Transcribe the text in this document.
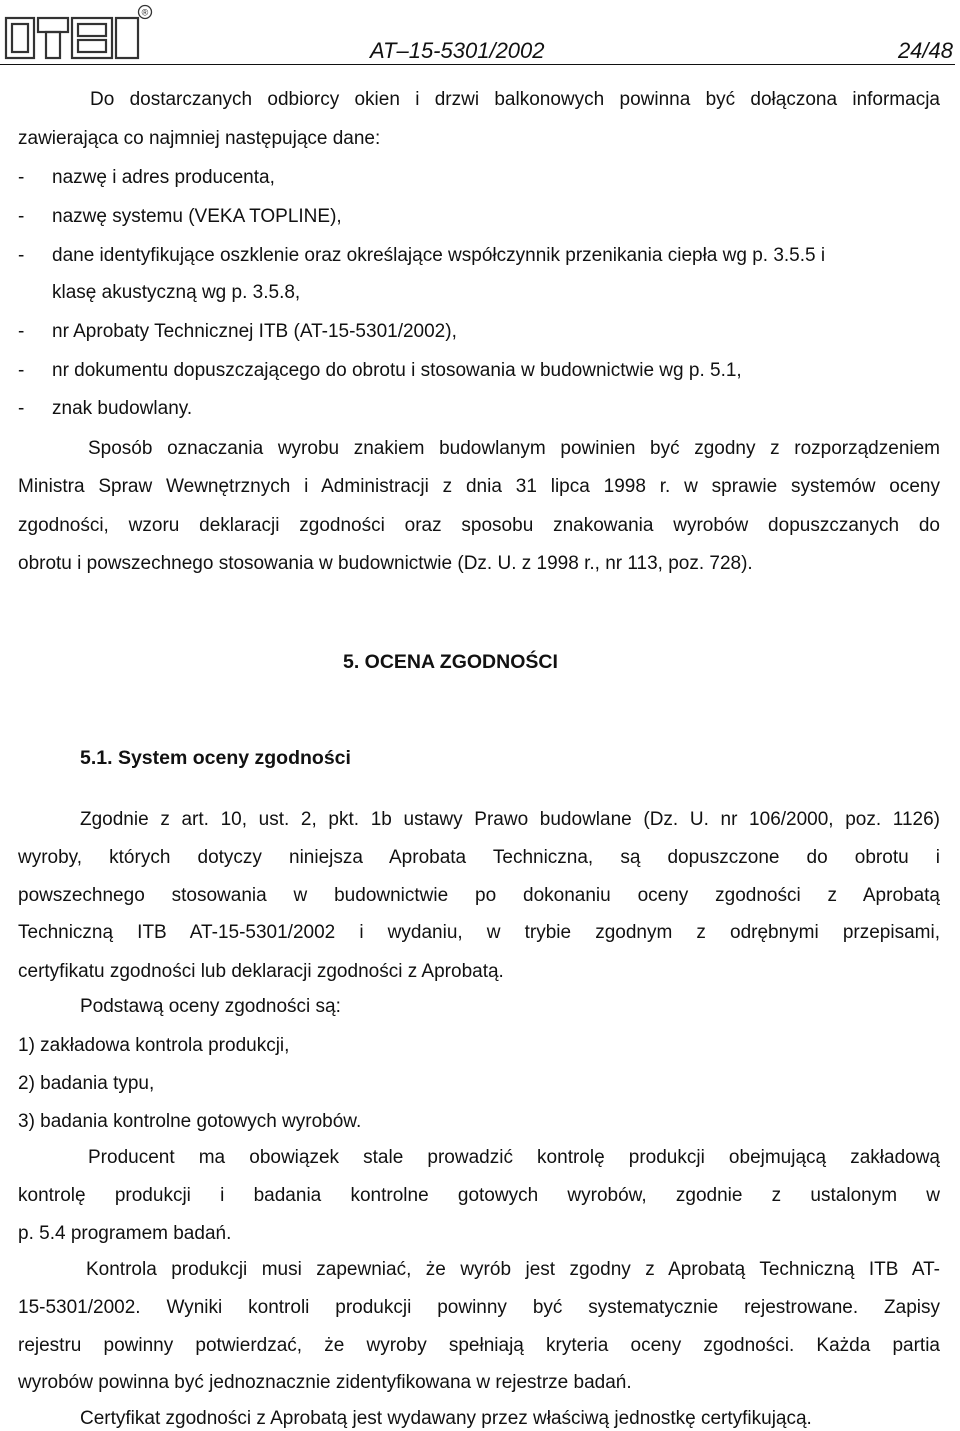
®
AT–15-5301/2002	24/48
Do dostarczanych odbiorcy okien i drzwi balkonowych powinna być dołączona informacja
zawierająca co najmniej następujące dane:
- nazwę i adres producenta,
- nazwę systemu (VEKA TOPLINE),
- dane identyfikujące oszklenie oraz określające współczynnik przenikania ciepła wg p. 3.5.5 i
klasę akustyczną wg p. 3.5.8,
- nr Aprobaty Technicznej ITB (AT-15-5301/2002),
- nr dokumentu dopuszczającego do obrotu i stosowania w budownictwie wg p. 5.1,
- znak budowlany.
Sposób oznaczania wyrobu znakiem budowlanym powinien być zgodny z rozporządzeniem
Ministra Spraw Wewnętrznych i Administracji z dnia 31 lipca 1998 r. w sprawie systemów oceny
zgodności, wzoru deklaracji zgodności oraz sposobu znakowania wyrobów dopuszczanych do
obrotu i powszechnego stosowania w budownictwie (Dz. U. z 1998 r., nr 113, poz. 728).
5. OCENA ZGODNOŚCI
5.1. System oceny zgodności
Zgodnie z art. 10, ust. 2, pkt. 1b ustawy Prawo budowlane (Dz. U. nr 106/2000, poz. 1126)
wyroby, których dotyczy niniejsza Aprobata Techniczna, są dopuszczone do obrotu i
powszechnego stosowania w budownictwie po dokonaniu oceny zgodności z Aprobatą
Techniczną ITB AT-15-5301/2002 i wydaniu, w trybie zgodnym z odrębnymi przepisami,
certyfikatu zgodności lub deklaracji zgodności z Aprobatą.
Podstawą oceny zgodności są:
1) zakładowa kontrola produkcji,
2) badania typu,
3) badania kontrolne gotowych wyrobów.
Producent ma obowiązek stale prowadzić kontrolę produkcji obejmującą zakładową
kontrolę produkcji i badania kontrolne gotowych wyrobów, zgodnie z ustalonym w
p. 5.4 programem badań.
Kontrola produkcji musi zapewniać, że wyrób jest zgodny z Aprobatą Techniczną ITB AT-
15-5301/2002. Wyniki kontroli produkcji powinny być systematycznie rejestrowane. Zapisy
rejestru powinny potwierdzać, że wyroby spełniają kryteria oceny zgodności. Każda partia
wyrobów powinna być jednoznacznie zidentyfikowana w rejestrze badań.
Certyfikat zgodności z Aprobatą jest wydawany przez właściwą jednostkę certyfikującą.
